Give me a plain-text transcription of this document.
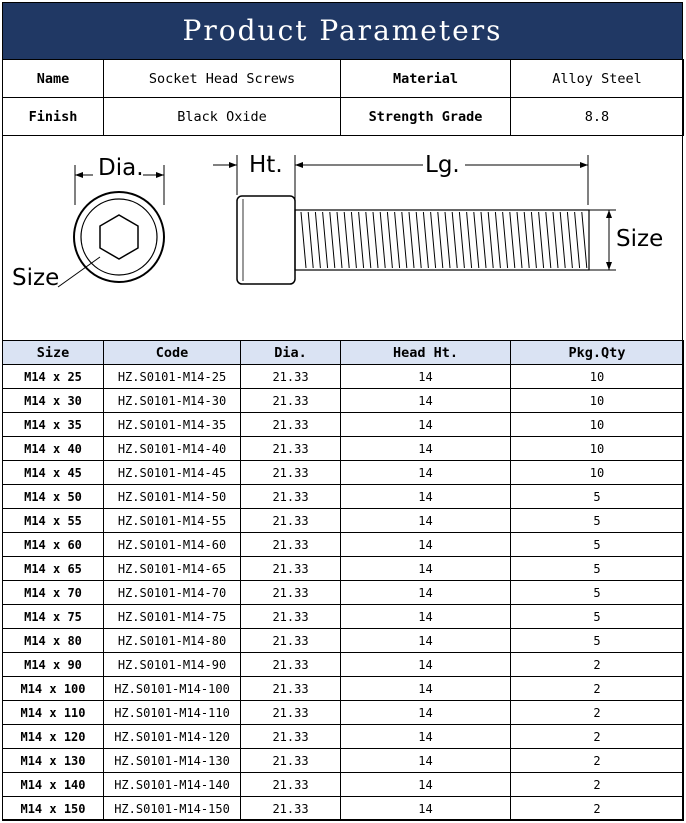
Product Parameters
Name	Socket Head Screws	Material	Alloy Steel
Finish	Black Oxide	Strength Grade	8.8
Dia.
Size
Ht.	Lg.
Size
Size	Code	Dia.	Head Ht.	Pkg.Qty
M14 x 25	HZ.S0101-M14-25	21.33	14	10
M14 x 30	HZ.S0101-M14-30	21.33	14	10
M14 x 35	HZ.S0101-M14-35	21.33	14	10
M14 x 40	HZ.S0101-M14-40	21.33	14	10
M14 x 45	HZ.S0101-M14-45	21.33	14	10
M14 x 50	HZ.S0101-M14-50	21.33	14	5
M14 x 55	HZ.S0101-M14-55	21.33	14	5
M14 x 60	HZ.S0101-M14-60	21.33	14	5
M14 x 65	HZ.S0101-M14-65	21.33	14	5
M14 x 70	HZ.S0101-M14-70	21.33	14	5
M14 x 75	HZ.S0101-M14-75	21.33	14	5
M14 x 80	HZ.S0101-M14-80	21.33	14	5
M14 x 90	HZ.S0101-M14-90	21.33	14	2
M14 x 100	HZ.S0101-M14-100	21.33	14	2
M14 x 110	HZ.S0101-M14-110	21.33	14	2
M14 x 120	HZ.S0101-M14-120	21.33	14	2
M14 x 130	HZ.S0101-M14-130	21.33	14	2
M14 x 140	HZ.S0101-M14-140	21.33	14	2
M14 x 150	HZ.S0101-M14-150	21.33	14	2
